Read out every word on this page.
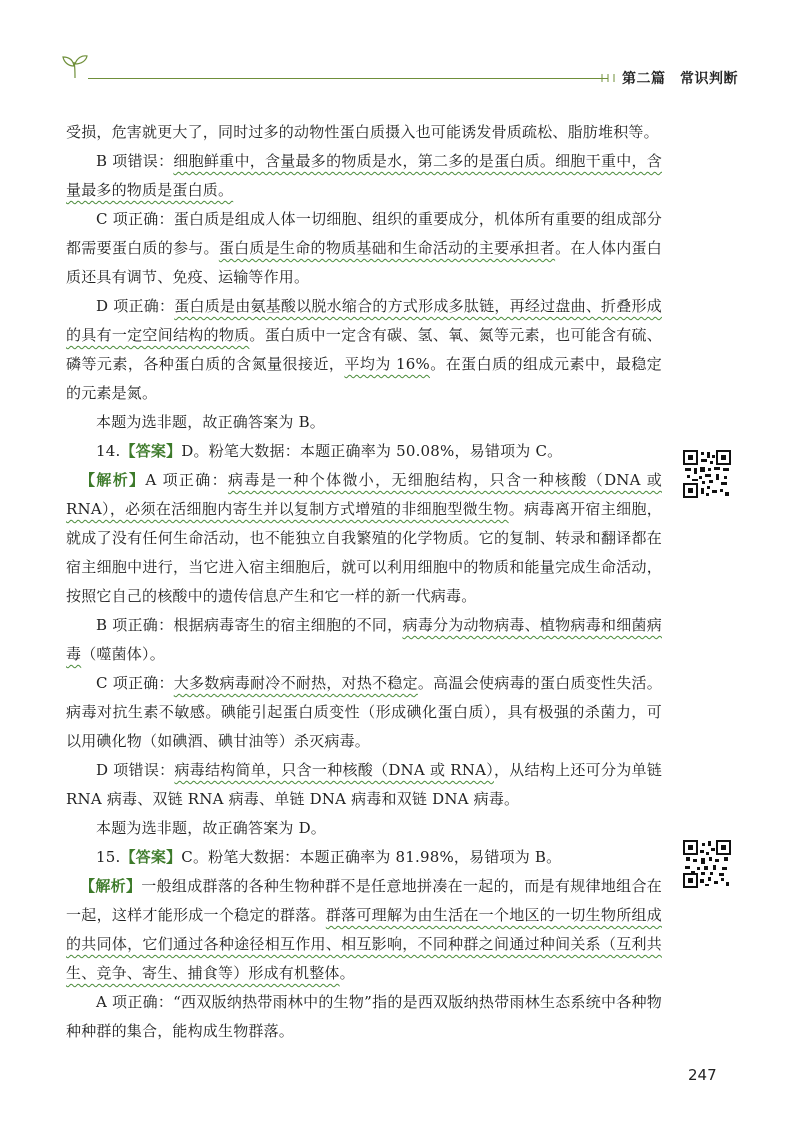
第二篇　常识判断

受损，危害就更大了，同时过多的动物性蛋白质摄入也可能诱发骨质疏松、脂肪堆积等。

B 项错误：细胞鲜重中，含量最多的物质是水，第二多的是蛋白质。细胞干重中，含量最多的物质是蛋白质。

C 项正确：蛋白质是组成人体一切细胞、组织的重要成分，机体所有重要的组成部分都需要蛋白质的参与。蛋白质是生命的物质基础和生命活动的主要承担者。在人体内蛋白质还具有调节、免疫、运输等作用。

D 项正确：蛋白质是由氨基酸以脱水缩合的方式形成多肽链，再经过盘曲、折叠形成的具有一定空间结构的物质。蛋白质中一定含有碳、氢、氧、氮等元素，也可能含有硫、磷等元素，各种蛋白质的含氮量很接近，平均为 16%。在蛋白质的组成元素中，最稳定的元素是氮。

本题为选非题，故正确答案为 B。

14.【答案】D。粉笔大数据：本题正确率为 50.08%，易错项为 C。

【解析】A 项正确：病毒是一种个体微小，无细胞结构，只含一种核酸（DNA 或 RNA），必须在活细胞内寄生并以复制方式增殖的非细胞型微生物。病毒离开宿主细胞，就成了没有任何生命活动，也不能独立自我繁殖的化学物质。它的复制、转录和翻译都在宿主细胞中进行，当它进入宿主细胞后，就可以利用细胞中的物质和能量完成生命活动，按照它自己的核酸中的遗传信息产生和它一样的新一代病毒。

B 项正确：根据病毒寄生的宿主细胞的不同，病毒分为动物病毒、植物病毒和细菌病毒（噬菌体）。

C 项正确：大多数病毒耐冷不耐热，对热不稳定。高温会使病毒的蛋白质变性失活。病毒对抗生素不敏感。碘能引起蛋白质变性（形成碘化蛋白质），具有极强的杀菌力，可以用碘化物（如碘酒、碘甘油等）杀灭病毒。

D 项错误：病毒结构简单，只含一种核酸（DNA 或 RNA），从结构上还可分为单链 RNA 病毒、双链 RNA 病毒、单链 DNA 病毒和双链 DNA 病毒。

本题为选非题，故正确答案为 D。

15.【答案】C。粉笔大数据：本题正确率为 81.98%，易错项为 B。

【解析】一般组成群落的各种生物种群不是任意地拼凑在一起的，而是有规律地组合在一起，这样才能形成一个稳定的群落。群落可理解为由生活在一个地区的一切生物所组成的共同体，它们通过各种途径相互作用、相互影响，不同种群之间通过种间关系（互利共生、竞争、寄生、捕食等）形成有机整体。

A 项正确：“西双版纳热带雨林中的生物”指的是西双版纳热带雨林生态系统中各种物种种群的集合，能构成生物群落。

247
